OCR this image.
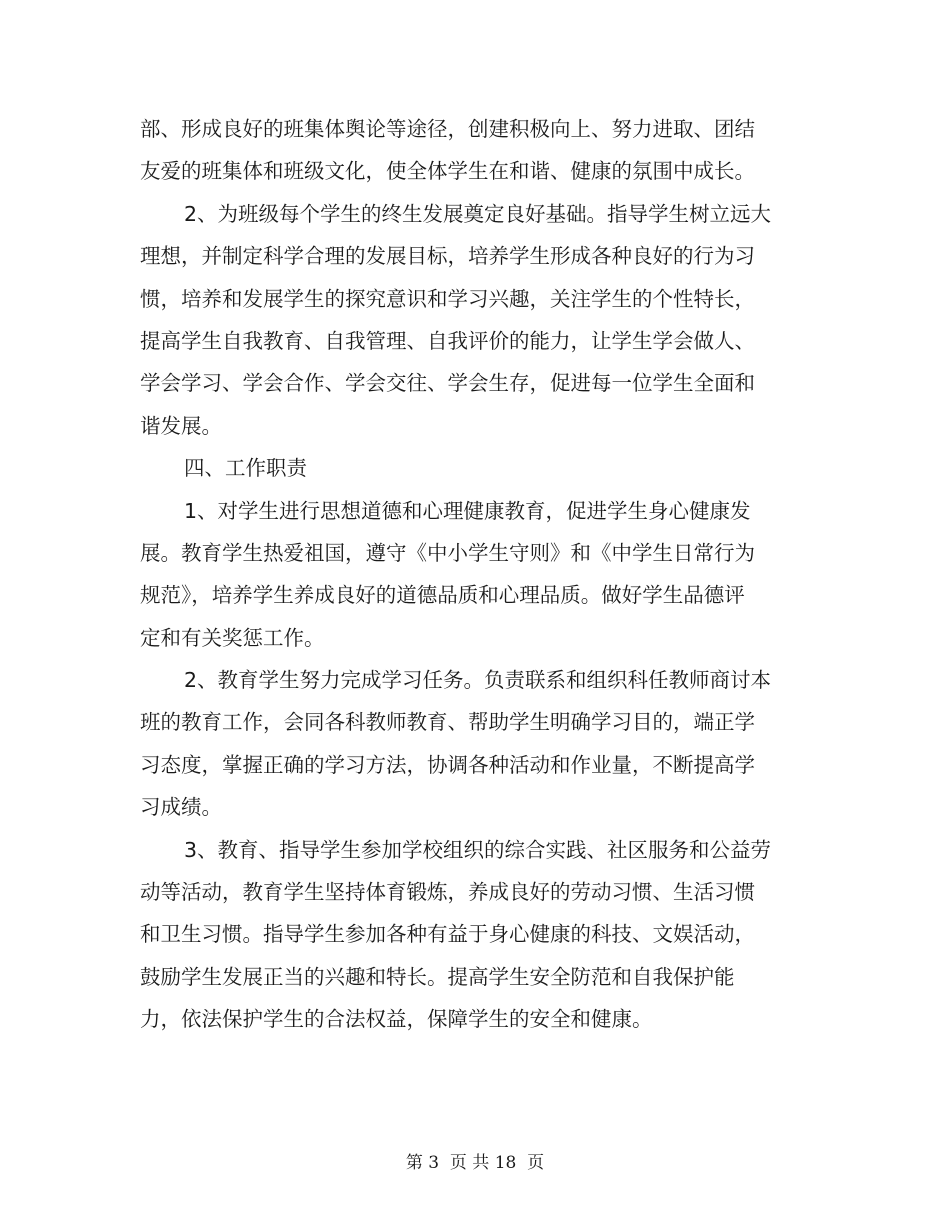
部、形成良好的班集体舆论等途径，创建积极向上、努力进取、团结
友爱的班集体和班级文化，使全体学生在和谐、健康的氛围中成长。
2、为班级每个学生的终生发展奠定良好基础。指导学生树立远大
理想，并制定科学合理的发展目标，培养学生形成各种良好的行为习
惯，培养和发展学生的探究意识和学习兴趣，关注学生的个性特长，
提高学生自我教育、自我管理、自我评价的能力，让学生学会做人、
学会学习、学会合作、学会交往、学会生存，促进每一位学生全面和
谐发展。
四、工作职责
1、对学生进行思想道德和心理健康教育，促进学生身心健康发
展。教育学生热爱祖国，遵守《中小学生守则》和《中学生日常行为
规范》，培养学生养成良好的道德品质和心理品质。做好学生品德评
定和有关奖惩工作。
2、教育学生努力完成学习任务。负责联系和组织科任教师商讨本
班的教育工作，会同各科教师教育、帮助学生明确学习目的，端正学
习态度，掌握正确的学习方法，协调各种活动和作业量，不断提高学
习成绩。
3、教育、指导学生参加学校组织的综合实践、社区服务和公益劳
动等活动，教育学生坚持体育锻炼，养成良好的劳动习惯、生活习惯
和卫生习惯。指导学生参加各种有益于身心健康的科技、文娱活动，
鼓励学生发展正当的兴趣和特长。提高学生安全防范和自我保护能
力，依法保护学生的合法权益，保障学生的安全和健康。
第 3  页 共 18  页
